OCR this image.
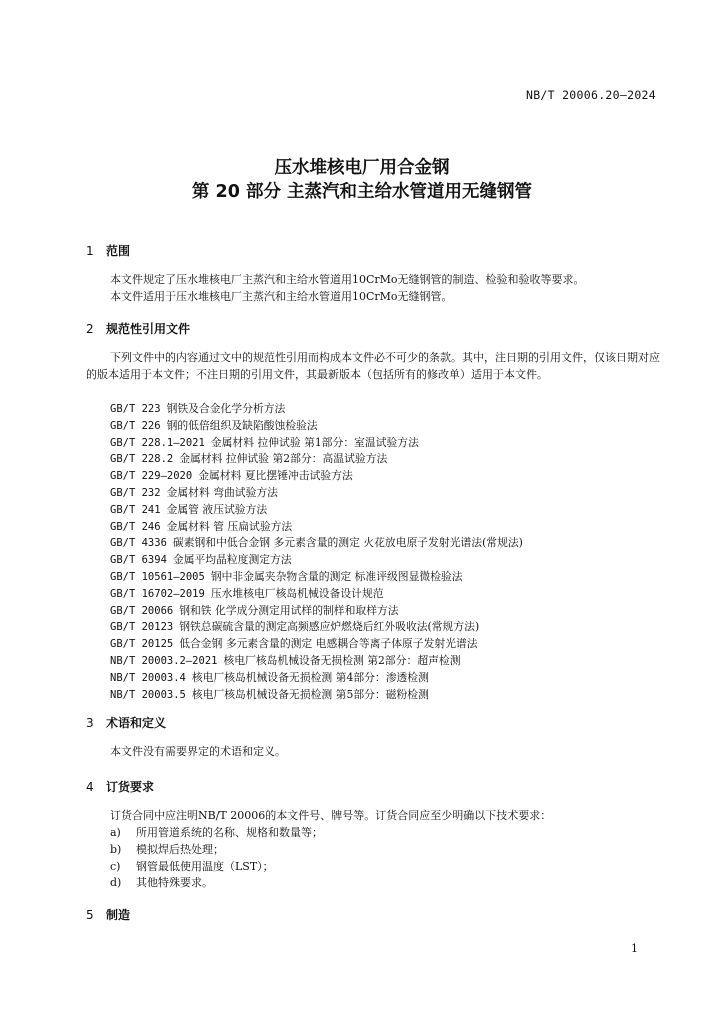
NB/T 20006.20—2024
压水堆核电厂用合金钢
第 20 部分 主蒸汽和主给水管道用无缝钢管
1 范围
本文件规定了压水堆核电厂主蒸汽和主给水管道用10CrMo无缝钢管的制造、检验和验收等要求。
本文件适用于压水堆核电厂主蒸汽和主给水管道用10CrMo无缝钢管。
2 规范性引用文件
下列文件中的内容通过文中的规范性引用而构成本文件必不可少的条款。其中，注日期的引用文件，仅该日期对应的版本适用于本文件；不注日期的引用文件，其最新版本（包括所有的修改单）适用于本文件。
GB/T 223 钢铁及合金化学分析方法
GB/T 226 钢的低倍组织及缺陷酸蚀检验法
GB/T 228.1—2021 金属材料 拉伸试验 第1部分：室温试验方法
GB/T 228.2 金属材料 拉伸试验 第2部分：高温试验方法
GB/T 229—2020 金属材料 夏比摆锤冲击试验方法
GB/T 232 金属材料 弯曲试验方法
GB/T 241 金属管 液压试验方法
GB/T 246 金属材料 管 压扁试验方法
GB/T 4336 碳素钢和中低合金钢 多元素含量的测定 火花放电原子发射光谱法(常规法)
GB/T 6394 金属平均晶粒度测定方法
GB/T 10561—2005 钢中非金属夹杂物含量的测定 标准评级图显微检验法
GB/T 16702—2019 压水堆核电厂核岛机械设备设计规范
GB/T 20066 钢和铁 化学成分测定用试样的制样和取样方法
GB/T 20123 钢铁总碳硫含量的测定高频感应炉燃烧后红外吸收法(常规方法)
GB/T 20125 低合金钢 多元素含量的测定 电感耦合等离子体原子发射光谱法
NB/T 20003.2—2021 核电厂核岛机械设备无损检测 第2部分：超声检测
NB/T 20003.4 核电厂核岛机械设备无损检测 第4部分：渗透检测
NB/T 20003.5 核电厂核岛机械设备无损检测 第5部分：磁粉检测
3 术语和定义
本文件没有需要界定的术语和定义。
4 订货要求
订货合同中应注明NB/T 20006的本文件号、牌号等。订货合同应至少明确以下技术要求：
a) 所用管道系统的名称、规格和数量等；
b) 模拟焊后热处理；
c) 钢管最低使用温度（LST）；
d) 其他特殊要求。
5 制造
1
